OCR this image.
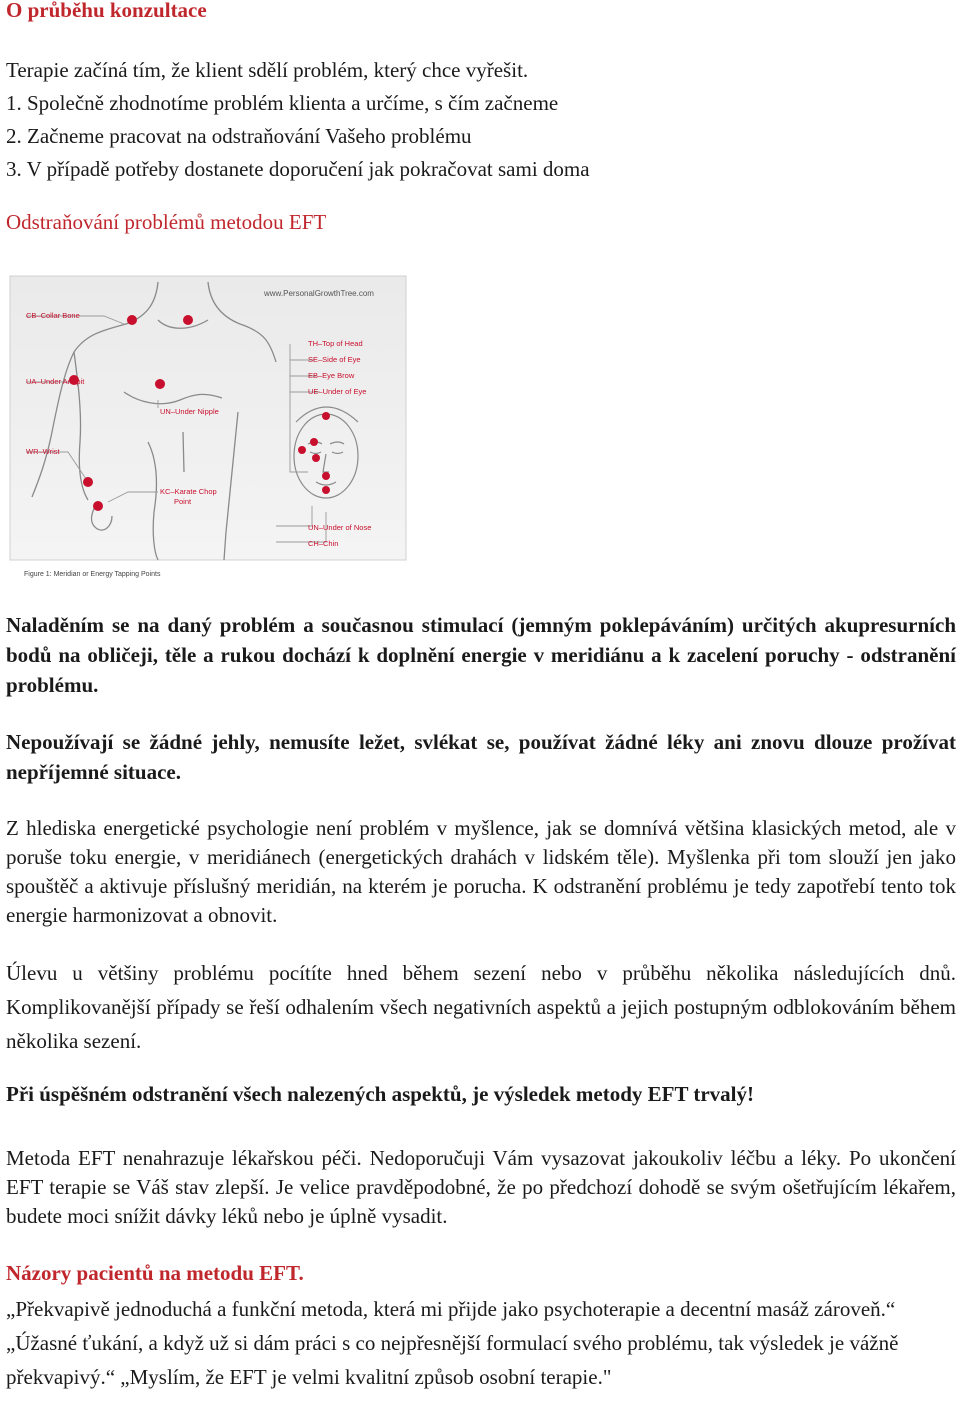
O průběhu konzultace

Terapie začíná tím, že klient sdělí problém, který chce vyřešit.

1. Společně zhodnotíme problém klienta a určíme, s čím začneme

2. Začneme pracovat na odstraňování Vašeho problému

3. V případě potřeby dostanete doporučení jak pokračovat sami doma

Odstraňování problémů metodou EFT
www.PersonalGrowthTree.com
CB–Collar Bone
UA–Under Armpit
UN–Under Nipple
WR–Wrist
KC–Karate Chop
Point
TH–Top of Head
SE–Side of Eye
EB–Eye Brow
UE–Under of Eye
UN–Under of Nose
CH–Chin
Figure 1: Meridian or Energy Tapping Points

Naladěním se na daný problém a současnou stimulací (jemným poklepáváním) určitých akupresurních bodů na obličeji, těle a rukou dochází k doplnění energie v meridiánu a k zacelení poruchy - odstranění problému.

Nepoužívají se žádné jehly, nemusíte ležet, svlékat se, používat žádné léky ani znovu dlouze prožívat nepříjemné situace.

Z hlediska energetické psychologie není problém v myšlence, jak se domnívá většina klasických metod, ale v poruše toku energie, v meridiánech (energetických drahách v lidském těle). Myšlenka při tom slouží jen jako spouštěč a aktivuje příslušný meridián, na kterém je porucha. K odstranění problému je tedy zapotřebí tento tok energie harmonizovat a obnovit.

Úlevu u většiny problému pocítíte hned během sezení nebo v průběhu několika následujících dnů. Komplikovanější případy se řeší odhalením všech negativních aspektů a jejich postupným odblokováním během několika sezení.

Při úspěšném odstranění všech nalezených aspektů, je výsledek metody EFT trvalý!

Metoda EFT nenahrazuje lékařskou péči. Nedoporučuji Vám vysazovat jakoukoliv léčbu a léky. Po ukončení EFT terapie se Váš stav zlepší. Je velice pravděpodobné, že po předchozí dohodě se svým ošetřujícím lékařem, budete moci snížit dávky léků nebo je úplně vysadit.

Názory pacientů na metodu EFT.

„Překvapivě jednoduchá a funkční metoda, která mi přijde jako psychoterapie a decentní masáž zároveň.“ „Úžasné ťukání, a když už si dám práci s co nejpřesnější formulací svého problému, tak výsledek je vážně překvapivý.“ „Myslím, že EFT je velmi kvalitní způsob osobní terapie."
